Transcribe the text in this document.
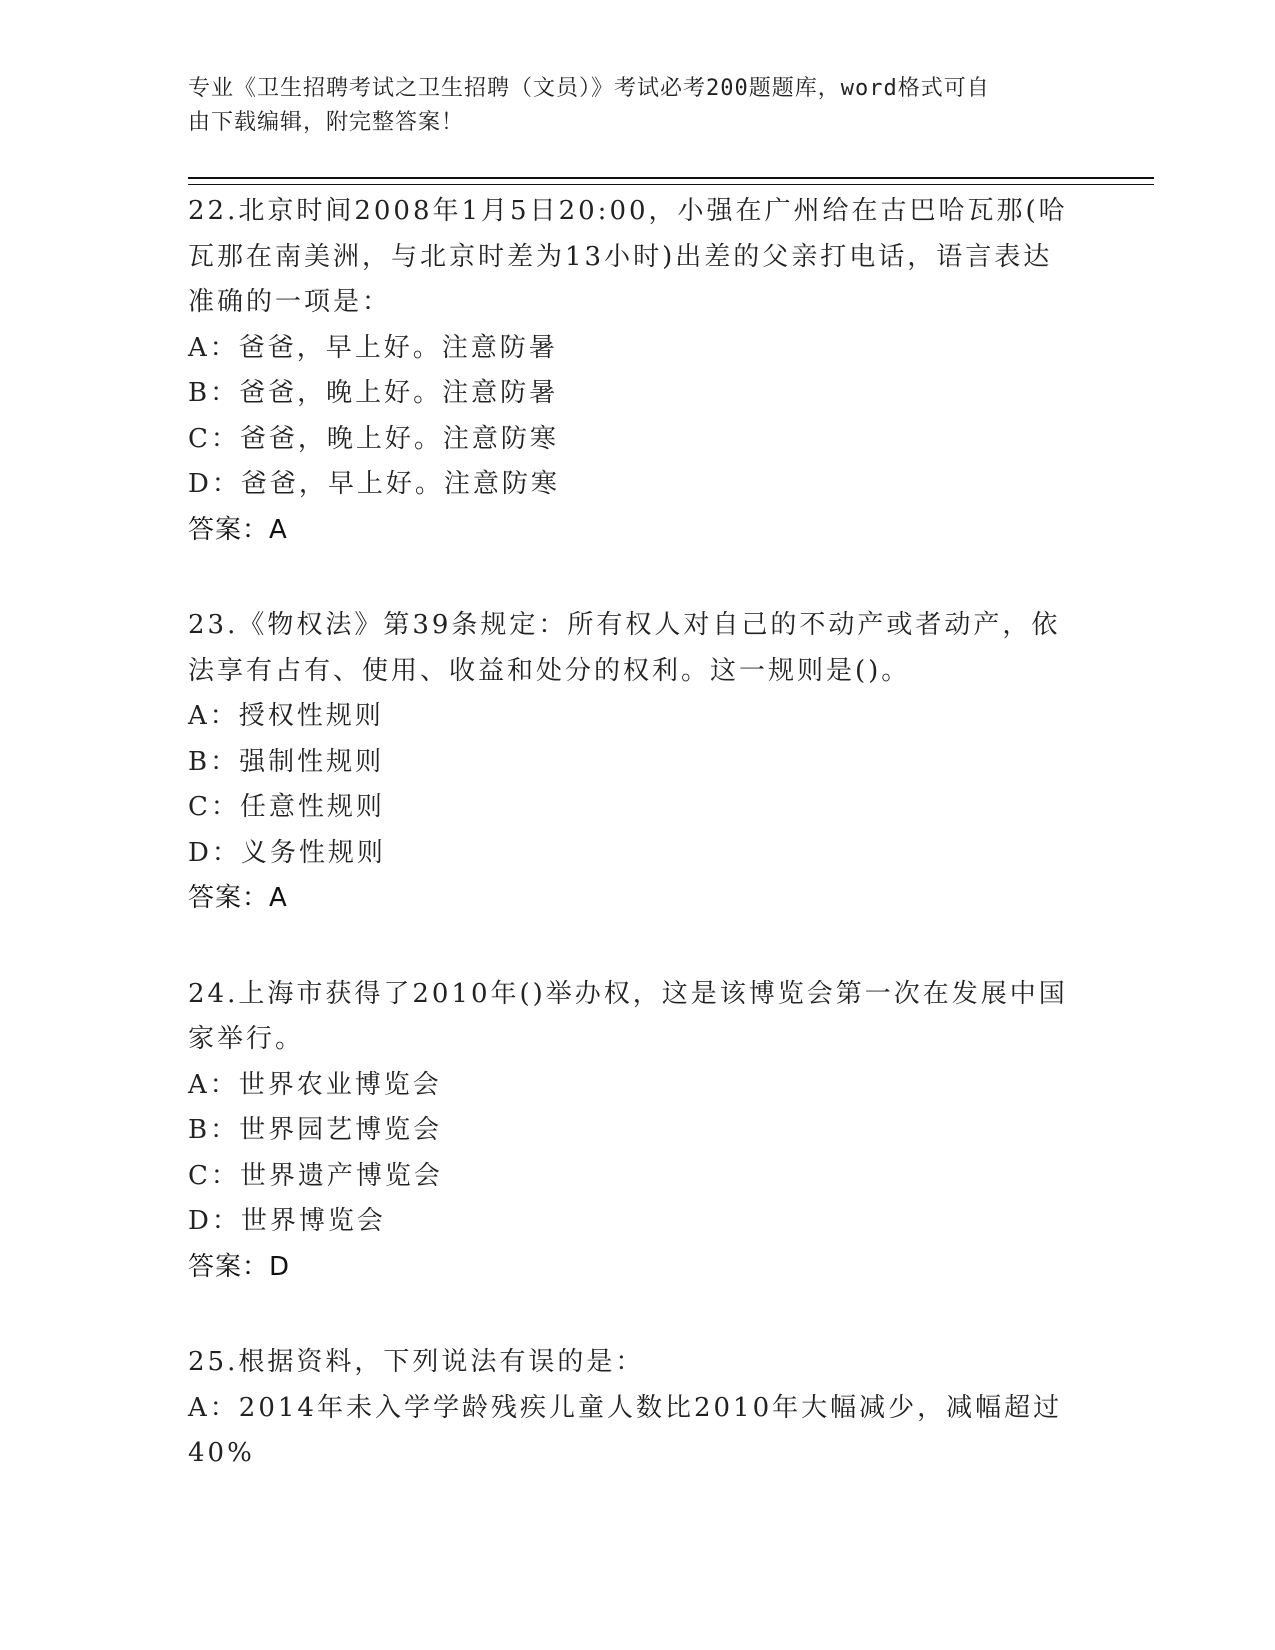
专业《卫生招聘考试之卫生招聘（文员）》考试必考200题题库，word格式可自
由下载编辑，附完整答案！

22.北京时间2008年1月5日20:00，小强在广州给在古巴哈瓦那(哈

瓦那在南美洲，与北京时差为13小时)出差的父亲打电话，语言表达

准确的一项是：

A：爸爸，早上好。注意防暑

B：爸爸，晚上好。注意防暑

C：爸爸，晚上好。注意防寒

D：爸爸，早上好。注意防寒

答案：A

23.《物权法》第39条规定：所有权人对自己的不动产或者动产，依

法享有占有、使用、收益和处分的权利。这一规则是()。

A：授权性规则

B：强制性规则

C：任意性规则

D：义务性规则

答案：A

24.上海市获得了2010年()举办权，这是该博览会第一次在发展中国

家举行。

A：世界农业博览会

B：世界园艺博览会

C：世界遗产博览会

D：世界博览会

答案：D

25.根据资料，下列说法有误的是：

A：2014年未入学学龄残疾儿童人数比2010年大幅减少，减幅超过

40%
